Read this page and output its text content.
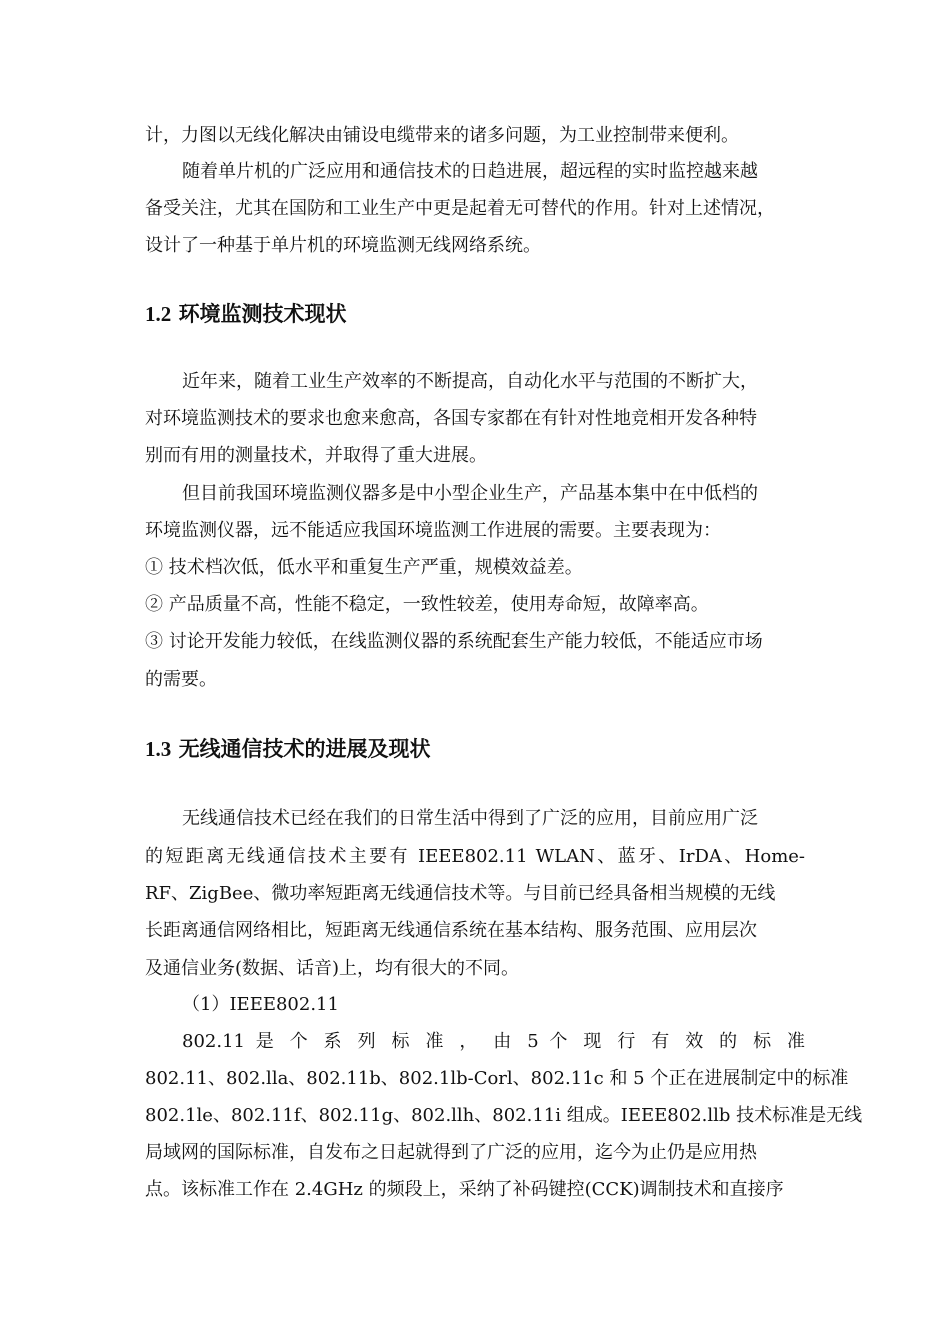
计，力图以无线化解决由铺设电缆带来的诸多问题，为工业控制带来便利。
随着单片机的广泛应用和通信技术的日趋进展，超远程的实时监控越来越
备受关注，尤其在国防和工业生产中更是起着无可替代的作用。针对上述情况，
设计了一种基于单片机的环境监测无线网络系统。
1.2 环境监测技术现状
近年来，随着工业生产效率的不断提高，自动化水平与范围的不断扩大，
对环境监测技术的要求也愈来愈高，各国专家都在有针对性地竞相开发各种特
别而有用的测量技术，并取得了重大进展。
但目前我国环境监测仪器多是中小型企业生产，产品基本集中在中低档的
环境监测仪器，远不能适应我国环境监测工作进展的需要。主要表现为：
① 技术档次低，低水平和重复生产严重，规模效益差。
② 产品质量不高，性能不稳定，一致性较差，使用寿命短，故障率高。
③ 讨论开发能力较低，在线监测仪器的系统配套生产能力较低，不能适应市场
的需要。
1.3 无线通信技术的进展及现状
无线通信技术已经在我们的日常生活中得到了广泛的应用，目前应用广泛
的短距离无线通信技术主要有 IEEE802.11 WLAN、蓝牙、IrDA、Home-
RF、ZigBee、微功率短距离无线通信技术等。与目前已经具备相当规模的无线
长距离通信网络相比，短距离无线通信系统在基本结构、服务范围、应用层次
及通信业务(数据、话音)上，均有很大的不同。
（1）IEEE802.11
802.11 是 个 系 列 标 准 ， 由 5 个 现 行 有 效 的 标 准
802.11、802.lla、802.11b、802.1lb-Corl、802.11c 和 5 个正在进展制定中的标准
802.1le、802.11f、802.11g、802.llh、802.11i 组成。IEEE802.llb 技术标准是无线
局域网的国际标准，自发布之日起就得到了广泛的应用，迄今为止仍是应用热
点。该标准工作在 2.4GHz 的频段上，采纳了补码键控(CCK)调制技术和直接序
